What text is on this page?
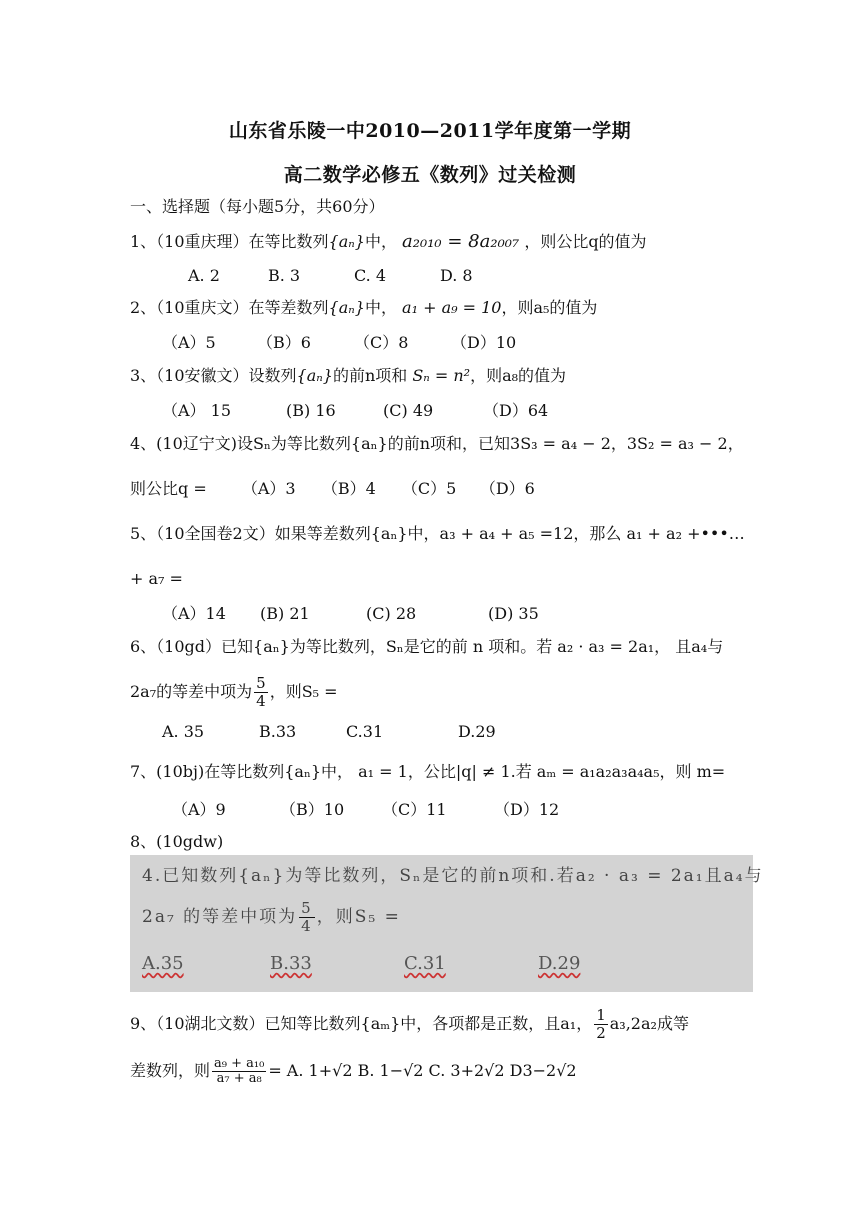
山东省乐陵一中2010—2011学年度第一学期
高二数学必修五《数列》过关检测
一、选择题（每小题5分，共60分）
1、（10重庆理）在等比数列{aₙ}中， a₂₀₁₀ = 8a₂₀₀₇ ，则公比q的值为
A. 2	B. 3	C. 4	D. 8
2、（10重庆文）在等差数列{aₙ}中， a₁ + a₉ = 10，则a₅的值为
（A）5	（B）6	（C）8	（D）10
3、（10安徽文）设数列{aₙ}的前n项和 Sₙ = n²，则a₈的值为
（A） 15	(B) 16	(C) 49	（D）64
4、(10辽宁文)设Sₙ为等比数列{aₙ}的前n项和，已知3S₃ = a₄ − 2，3S₂ = a₃ − 2，
则公比q = （A）3 （B）4 （C）5 （D）6
5、（10全国卷2文）如果等差数列{aₙ}中，a₃ + a₄ + a₅ =12，那么 a₁ + a₂ +•••…
+ a₇ =
（A）14 (B) 21	(C) 28	(D) 35
6、（10gd）已知{aₙ}为等比数列，Sₙ是它的前 n 项和。若 a₂ · a₃ = 2a₁， 且a₄与
2a₇的等差中项为 $\frac{5}{4}$ ，则S₅ =
A. 35	B.33	C.31	D.29
7、(10bj)在等比数列{aₙ}中， a₁ = 1，公比|q| ≠ 1.若 aₘ = a₁a₂a₃a₄a₅，则 m=
（A）9	（B）10 （C）11	（D）12
8、(10gdw)
4.已知数列{aₙ}为等比数列，Sₙ是它的前n项和.若a₂ · a₃ = 2a₁且a₄与
2a₇ 的等差中项为 $\frac{5}{4}$ ，则S₅ =
A.35	B.33	C.31	D.29
9、（10湖北文数）已知等比数列{aₘ}中，各项都是正数，且a₁， $\frac{1}{2} a_3,2a_2$成等
差数列，则 $\frac{\text{a₉ + a₁₀}}{\text{a₇ + a₈}} = A$. 1+√2 B. 1−√2 C. 3+2√2 D3−2√2
